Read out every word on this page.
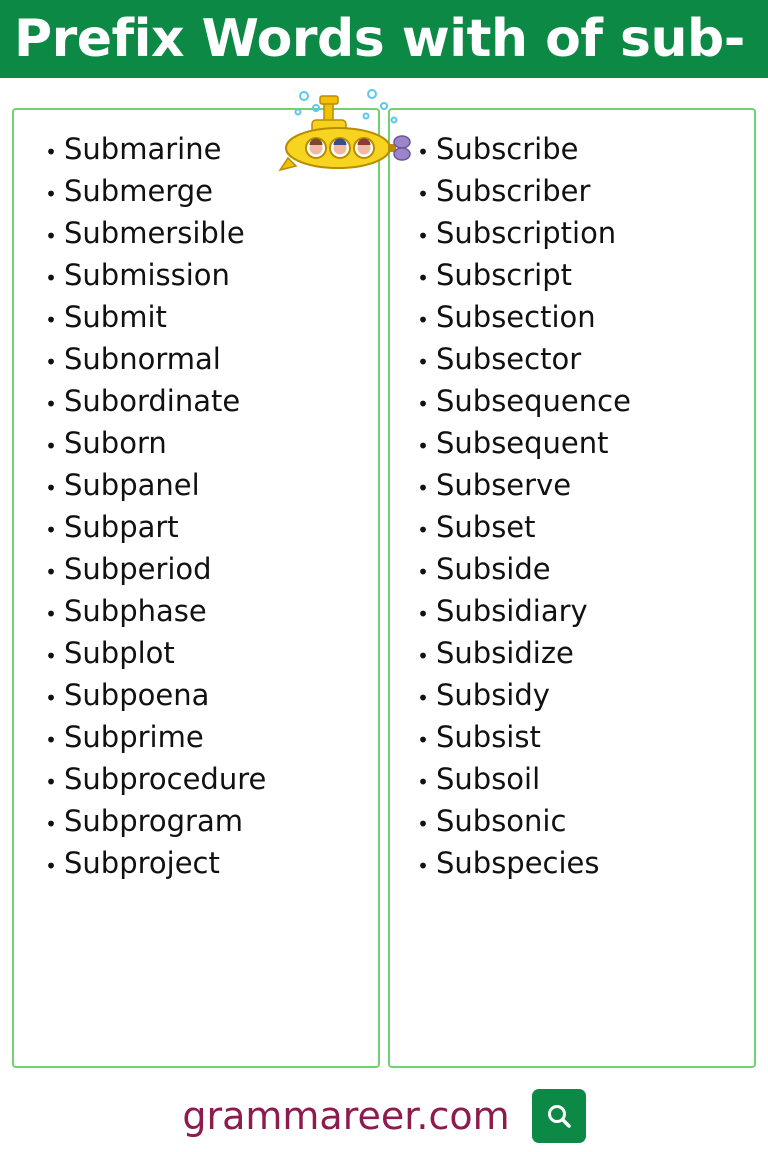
Prefix Words with of sub-
• Submarine
• Submerge
• Submersible
• Submission
• Submit
• Subnormal
• Subordinate
• Suborn
• Subpanel
• Subpart
• Subperiod
• Subphase
• Subplot
• Subpoena
• Subprime
• Subprocedure
• Subprogram
• Subproject
• Subscribe
• Subscriber
• Subscription
• Subscript
• Subsection
• Subsector
• Subsequence
• Subsequent
• Subserve
• Subset
• Subside
• Subsidiary
• Subsidize
• Subsidy
• Subsist
• Subsoil
• Subsonic
• Subspecies
grammareer.com
